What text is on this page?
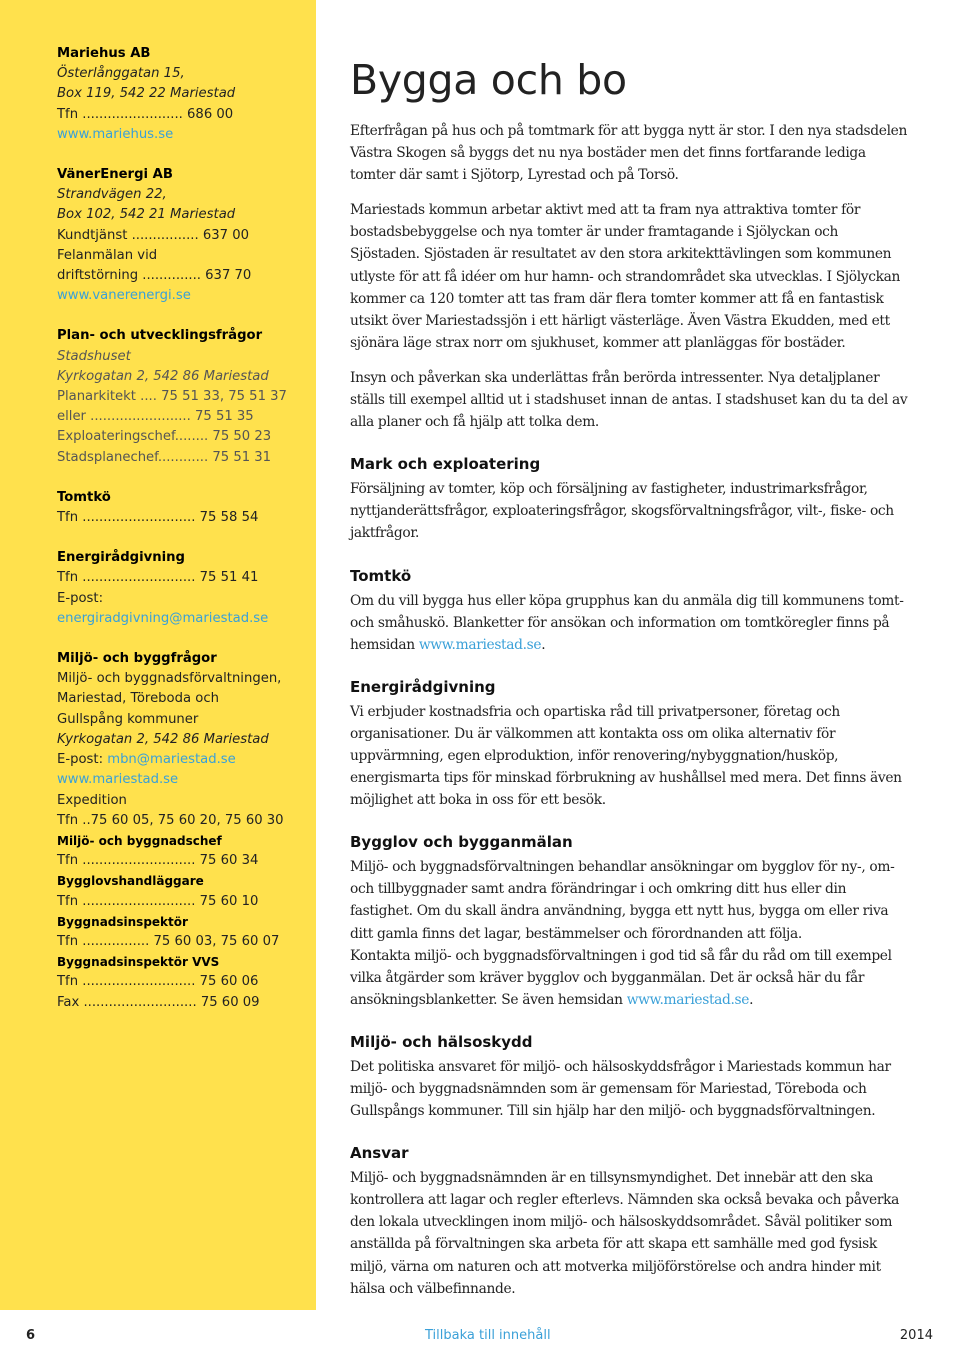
Mariehus AB
Österlånggatan 15,
Box 119, 542 22 Mariestad
Tfn ........................ 686 00
www.mariehus.se
VänerEnergi AB
Strandvägen 22,
Box 102, 542 21 Mariestad
Kundtjänst ................ 637 00
Felanmälan vid
driftstörning .............. 637 70
www.vanerenergi.se
Plan- och utvecklingsfrågor
Stadshuset
Kyrkogatan 2, 542 86 Mariestad
Planarkitekt .... 75 51 33, 75 51 37
eller ........................ 75 51 35
Exploateringschef........ 75 50 23
Stadsplanechef............ 75 51 31
Tomtkö
Tfn ........................... 75 58 54
Energirådgivning
Tfn ........................... 75 51 41
E-post:
energiradgivning@mariestad.se
Miljö- och byggfrågor
Miljö- och byggnadsförvaltningen,
Mariestad, Töreboda och
Gullspång kommuner
Kyrkogatan 2, 542 86 Mariestad
E-post: mbn@mariestad.se
www.mariestad.se
Expedition
Tfn ..75 60 05, 75 60 20, 75 60 30
Miljö- och byggnadschef
Tfn ........................... 75 60 34
Bygglovshandläggare
Tfn ........................... 75 60 10
Byggnadsinspektör
Tfn ................ 75 60 03, 75 60 07
Byggnadsinspektör VVS
Tfn ........................... 75 60 06
Fax ........................... 75 60 09
Bygga och bo

Efterfrågan på hus och på tomtmark för att bygga nytt är stor. I den nya stadsdelen Västra Skogen så byggs det nu nya bostäder men det finns fortfarande lediga tomter där samt i Sjötorp, Lyrestad och på Torsö.

Mariestads kommun arbetar aktivt med att ta fram nya attraktiva tomter för bostadsbebyggelse och nya tomter är under framtagande i Sjölyckan och Sjöstaden. Sjöstaden är resultatet av den stora arkitekttävlingen som kommunen utlyste för att få idéer om hur hamn- och strandområdet ska utvecklas. I Sjölyckan kommer ca 120 tomter att tas fram där flera tomter kommer att få en fantastisk utsikt över Mariestadssjön i ett härligt västerläge. Även Västra Ekudden, med ett sjönära läge strax norr om sjukhuset, kommer att planläggas för bostäder.

Insyn och påverkan ska underlättas från berörda intressenter. Nya detaljplaner ställs till exempel alltid ut i stadshuset innan de antas. I stadshuset kan du ta del av alla planer och få hjälp att tolka dem.

Mark och exploatering

Försäljning av tomter, köp och försäljning av fastigheter, industrimarksfrågor, nyttjanderättsfrågor, exploateringsfrågor, skogsförvaltningsfrågor, vilt-, fiske- och jaktfrågor.

Tomtkö

Om du vill bygga hus eller köpa grupphus kan du anmäla dig till kommunens tomt- och småhuskö. Blanketter för ansökan och information om tomtköregler finns på hemsidan www.mariestad.se.

Energirådgivning

Vi erbjuder kostnadsfria och opartiska råd till privatpersoner, företag och organisationer. Du är välkommen att kontakta oss om olika alternativ för uppvärmning, egen elproduktion, inför renovering/nybyggnation/husköp, energismarta tips för minskad förbrukning av hushållsel med mera. Det finns även möjlighet att boka in oss för ett besök.

Bygglov och bygganmälan

Miljö- och byggnadsförvaltningen behandlar ansökningar om bygglov för ny-, om- och tillbyggnader samt andra förändringar i och omkring ditt hus eller din fastighet. Om du skall ändra användning, bygga ett nytt hus, bygga om eller riva ditt gamla finns det lagar, bestämmelser och förordnanden att följa.

Kontakta miljö- och byggnadsförvaltningen i god tid så får du råd om till exempel vilka åtgärder som kräver bygglov och bygganmälan. Det är också här du får ansökningsblanketter. Se även hemsidan www.mariestad.se.

Miljö- och hälsoskydd

Det politiska ansvaret för miljö- och hälsoskyddsfrågor i Mariestads kommun har miljö- och byggnadsnämnden som är gemensam för Mariestad, Töreboda och Gullspångs kommuner. Till sin hjälp har den miljö- och byggnadsförvaltningen.

Ansvar

Miljö- och byggnadsnämnden är en tillsynsmyndighet. Det innebär att den ska kontrollera att lagar och regler efterlevs. Nämnden ska också bevaka och påverka den lokala utvecklingen inom miljö- och hälsoskyddsområdet. Såväl politiker som anställda på förvaltningen ska arbeta för att skapa ett samhälle med god fysisk miljö, värna om naturen och att motverka miljöförstörelse och andra hinder mit hälsa och välbefinnande.

6	Tillbaka till innehåll	2014
